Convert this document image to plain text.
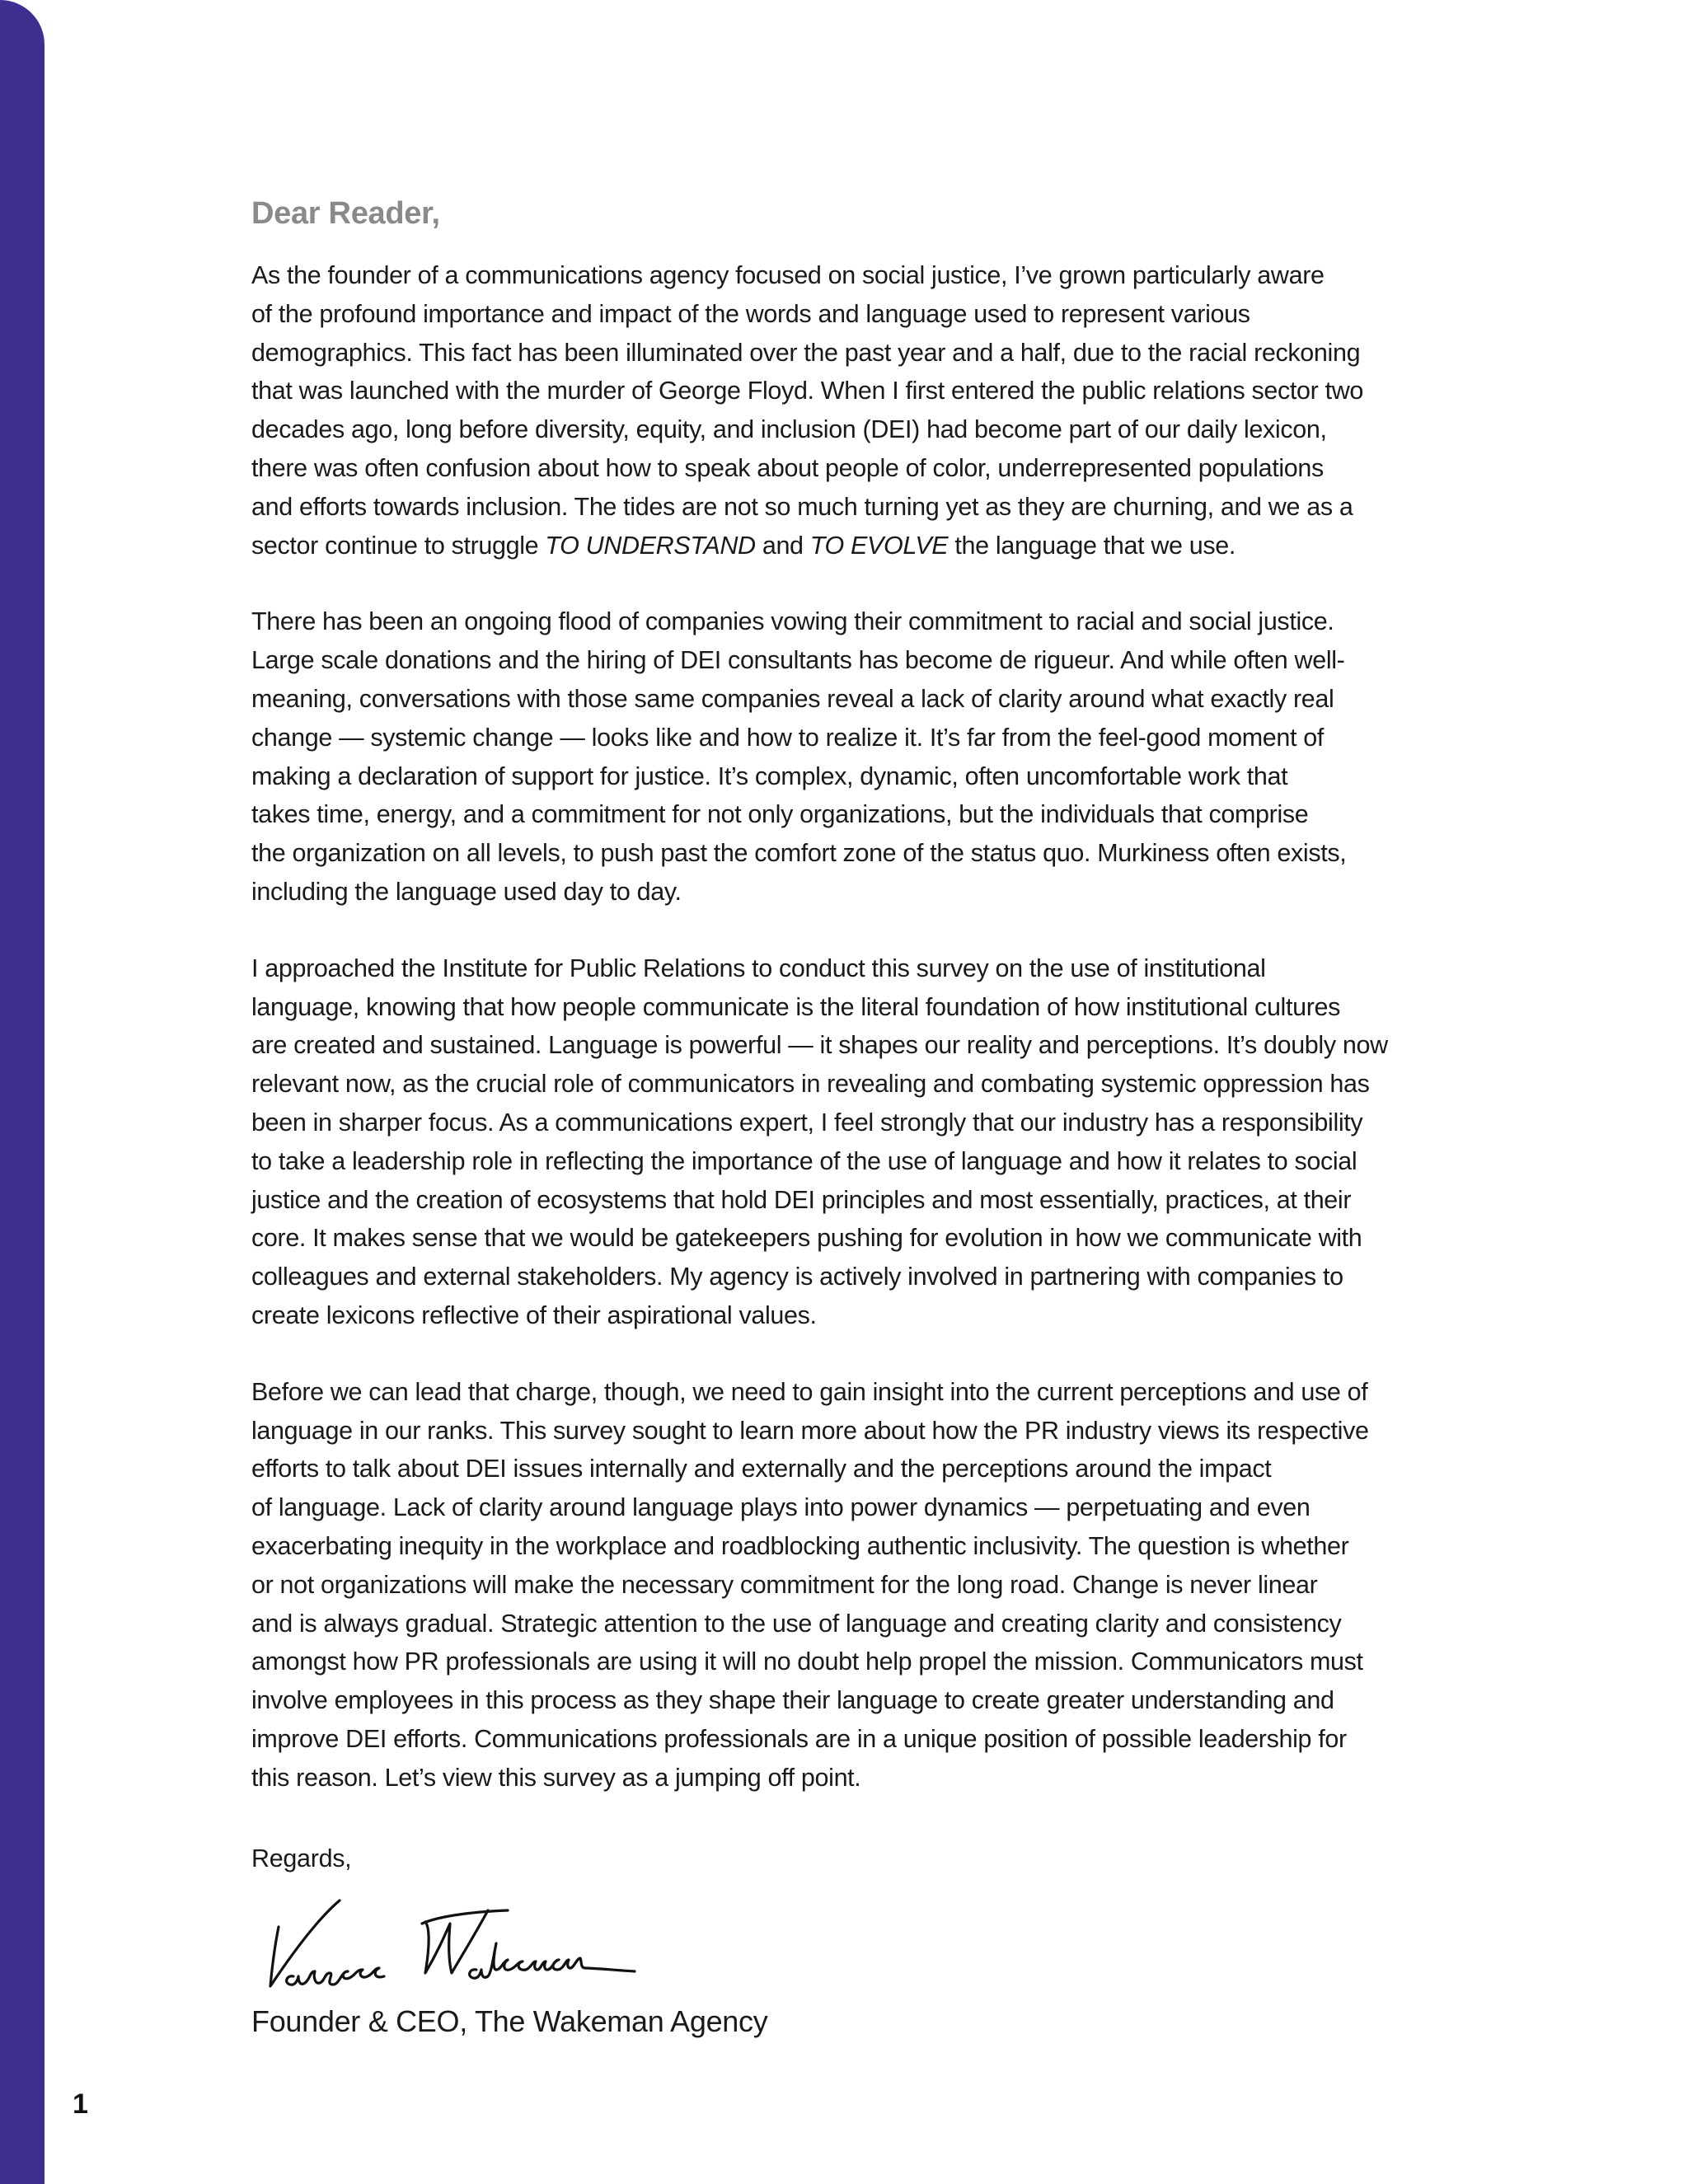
Dear Reader,
As the founder of a communications agency focused on social justice, I’ve grown particularly aware
of the profound importance and impact of the words and language used to represent various
demographics. This fact has been illuminated over the past year and a half, due to the racial reckoning
that was launched with the murder of George Floyd. When I first entered the public relations sector two
decades ago, long before diversity, equity, and inclusion (DEI) had become part of our daily lexicon,
there was often confusion about how to speak about people of color, underrepresented populations
and efforts towards inclusion. The tides are not so much turning yet as they are churning, and we as a
sector continue to struggle TO UNDERSTAND and TO EVOLVE the language that we use.
There has been an ongoing flood of companies vowing their commitment to racial and social justice.
Large scale donations and the hiring of DEI consultants has become de rigueur. And while often well-
meaning, conversations with those same companies reveal a lack of clarity around what exactly real
change — systemic change — looks like and how to realize it. It’s far from the feel-good moment of
making a declaration of support for justice. It’s complex, dynamic, often uncomfortable work that
takes time, energy, and a commitment for not only organizations, but the individuals that comprise
the organization on all levels, to push past the comfort zone of the status quo. Murkiness often exists,
including the language used day to day.
I approached the Institute for Public Relations to conduct this survey on the use of institutional
language, knowing that how people communicate is the literal foundation of how institutional cultures
are created and sustained. Language is powerful — it shapes our reality and perceptions. It’s doubly now
relevant now, as the crucial role of communicators in revealing and combating systemic oppression has
been in sharper focus. As a communications expert, I feel strongly that our industry has a responsibility
to take a leadership role in reflecting the importance of the use of language and how it relates to social
justice and the creation of ecosystems that hold DEI principles and most essentially, practices, at their
core. It makes sense that we would be gatekeepers pushing for evolution in how we communicate with
colleagues and external stakeholders. My agency is actively involved in partnering with companies to
create lexicons reflective of their aspirational values.
Before we can lead that charge, though, we need to gain insight into the current perceptions and use of
language in our ranks. This survey sought to learn more about how the PR industry views its respective
efforts to talk about DEI issues internally and externally and the perceptions around the impact
of language. Lack of clarity around language plays into power dynamics — perpetuating and even
exacerbating inequity in the workplace and roadblocking authentic inclusivity. The question is whether
or not organizations will make the necessary commitment for the long road. Change is never linear
and is always gradual. Strategic attention to the use of language and creating clarity and consistency
amongst how PR professionals are using it will no doubt help propel the mission. Communicators must
involve employees in this process as they shape their language to create greater understanding and
improve DEI efforts. Communications professionals are in a unique position of possible leadership for
this reason. Let’s view this survey as a jumping off point.
Regards,
Founder & CEO, The Wakeman Agency
1
